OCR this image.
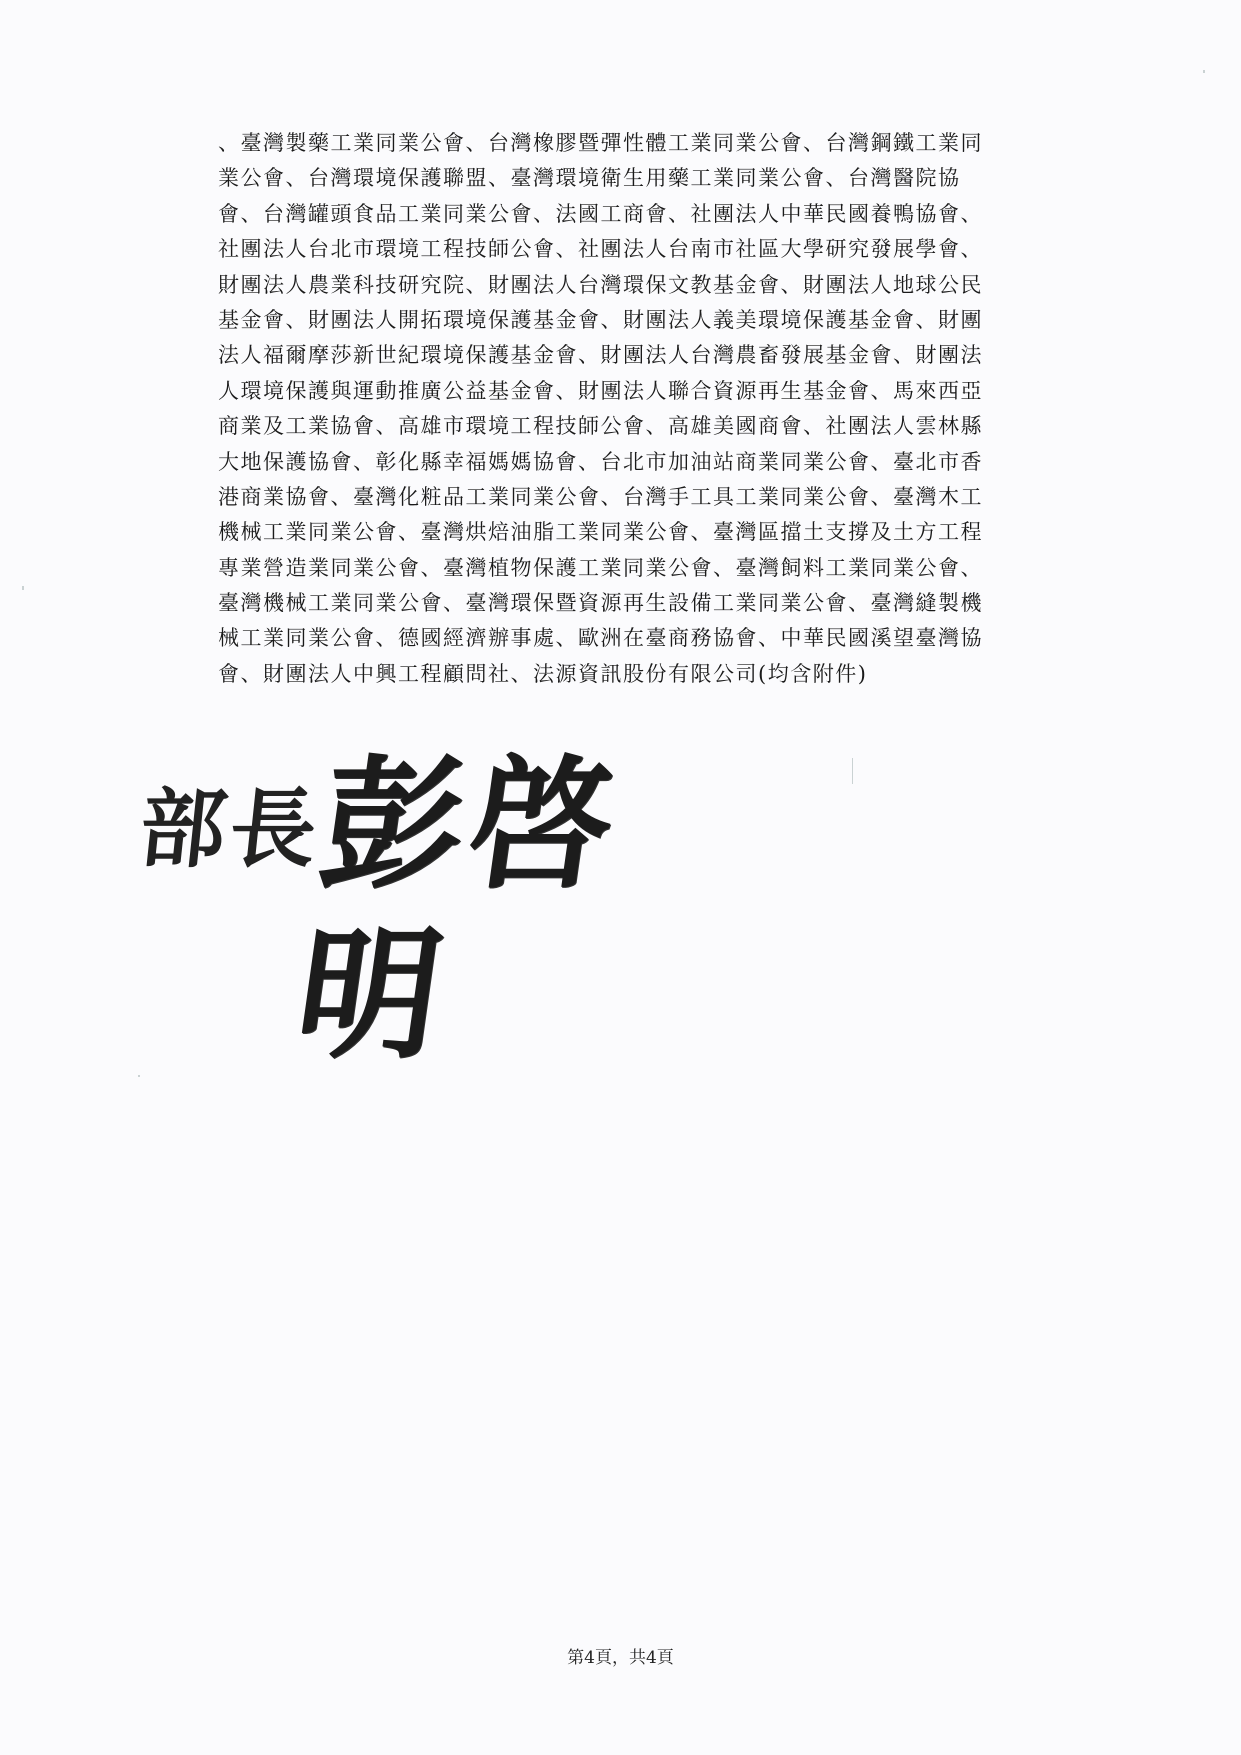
、臺灣製藥工業同業公會、台灣橡膠暨彈性體工業同業公會、台灣鋼鐵工業同
業公會、台灣環境保護聯盟、臺灣環境衛生用藥工業同業公會、台灣醫院協
會、台灣罐頭食品工業同業公會、法國工商會、社團法人中華民國養鴨協會、
社團法人台北市環境工程技師公會、社團法人台南市社區大學研究發展學會、
財團法人農業科技研究院、財團法人台灣環保文教基金會、財團法人地球公民
基金會、財團法人開拓環境保護基金會、財團法人義美環境保護基金會、財團
法人福爾摩莎新世紀環境保護基金會、財團法人台灣農畜發展基金會、財團法
人環境保護與運動推廣公益基金會、財團法人聯合資源再生基金會、馬來西亞
商業及工業協會、高雄市環境工程技師公會、高雄美國商會、社團法人雲林縣
大地保護協會、彰化縣幸福媽媽協會、台北市加油站商業同業公會、臺北市香
港商業協會、臺灣化粧品工業同業公會、台灣手工具工業同業公會、臺灣木工
機械工業同業公會、臺灣烘焙油脂工業同業公會、臺灣區擋土支撐及土方工程
專業營造業同業公會、臺灣植物保護工業同業公會、臺灣飼料工業同業公會、
臺灣機械工業同業公會、臺灣環保暨資源再生設備工業同業公會、臺灣縫製機
械工業同業公會、德國經濟辦事處、歐洲在臺商務協會、中華民國溪望臺灣協
會、財團法人中興工程顧問社、法源資訊股份有限公司(均含附件)
部長
彭啓明
第4頁，共4頁
